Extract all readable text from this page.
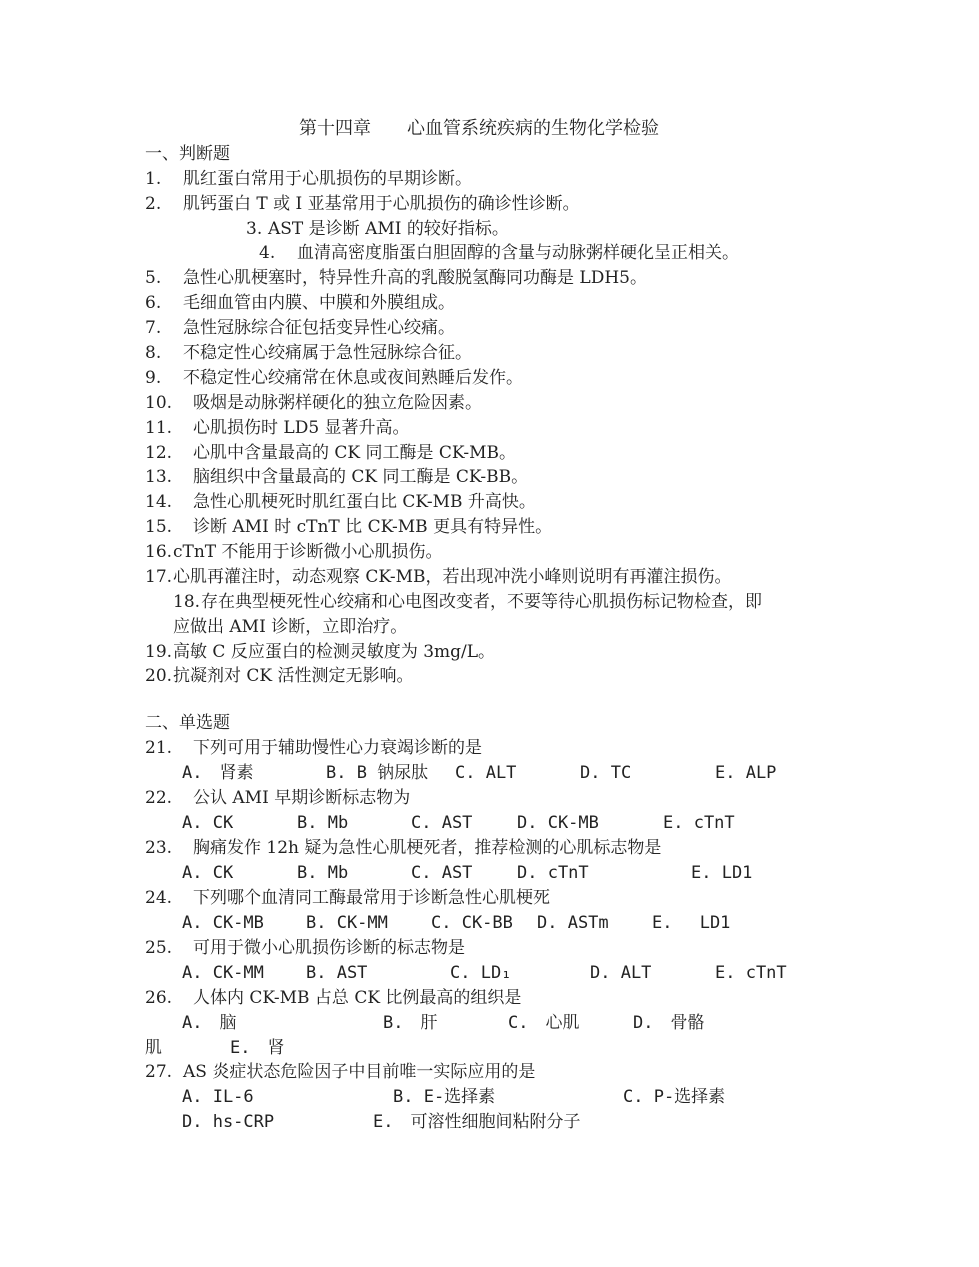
第十四章　　心血管系统疾病的生物化学检验
一、判断题
1. 肌红蛋白常用于心肌损伤的早期诊断。
2. 肌钙蛋白 T 或 I 亚基常用于心肌损伤的确诊性诊断。
3. AST 是诊断 AMI 的较好指标。
4. 血清高密度脂蛋白胆固醇的含量与动脉粥样硬化呈正相关。
5. 急性心肌梗塞时，特异性升高的乳酸脱氢酶同功酶是 LDH5。
6. 毛细血管由内膜、中膜和外膜组成。
7. 急性冠脉综合征包括变异性心绞痛。
8. 不稳定性心绞痛属于急性冠脉综合征。
9. 不稳定性心绞痛常在休息或夜间熟睡后发作。
10. 吸烟是动脉粥样硬化的独立危险因素。
11. 心肌损伤时 LD5 显著升高。
12. 心肌中含量最高的 CK 同工酶是 CK-MB。
13. 脑组织中含量最高的 CK 同工酶是 CK-BB。
14. 急性心肌梗死时肌红蛋白比 CK-MB 升高快。
15. 诊断 AMI 时 cTnT 比 CK-MB 更具有特异性。
16.cTnT 不能用于诊断微小心肌损伤。
17.心肌再灌注时，动态观察 CK-MB，若出现冲洗小峰则说明有再灌注损伤。
18.存在典型梗死性心绞痛和心电图改变者，不要等待心肌损伤标记物检查，即
应做出 AMI 诊断，立即治疗。
19.高敏 C 反应蛋白的检测灵敏度为 3mg/L。
20.抗凝剂对 CK 活性测定无影响。
二、单选题
21. 下列可用于辅助慢性心力衰竭诊断的是
A.　肾素	B. B 钠尿肽 C. ALT	D. TC	E. ALP
22. 公认 AMI 早期诊断标志物为
A. CK	B. Mb	C. AST	D. CK-MB	E. cTnT
23. 胸痛发作 12h 疑为急性心肌梗死者，推荐检测的心肌标志物是
A. CK	B. Mb	C. AST	D. cTnT	E. LD1
24. 下列哪个血清同工酶最常用于诊断急性心肌梗死
A. CK-MB B. CK-MM	C. CK-BB D. ASTm	E.　 LD1
25. 可用于微小心肌损伤诊断的标志物是
A. CK-MM B. AST	C. LD₁	D. ALT	E. cTnT
26. 人体内 CK-MB 占总 CK 比例最高的组织是
A.　脑	B.　肝	C.　心肌	D.　骨骼
肌	E.　肾
27. AS 炎症状态危险因子中目前唯一实际应用的是
A. IL-6	B. E-选择素	C. P-选择素
D. hs-CRP	E.　可溶性细胞间粘附分子
